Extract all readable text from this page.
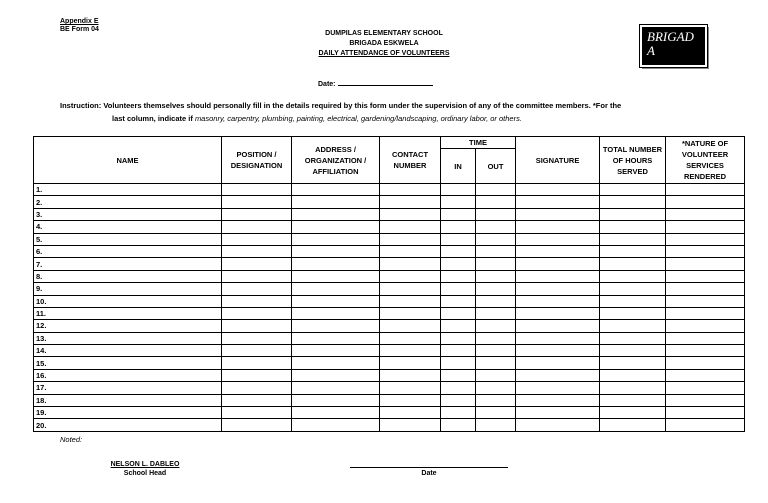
Appendix E
BE Form 04
DUMPILAS ELEMENTARY SCHOOL
BRIGADA ESKWELA
DAILY ATTENDANCE OF VOLUNTEERS
BRIGADA
Date:
Instruction: Volunteers themselves should personally fill in the details required by this form under the supervision of any of the committee members. *For the
last column, indicate if masonry, carpentry, plumbing, painting, electrical, gardening/landscaping, ordinary labor, or others.
NAME	POSITION / DESIGNATION	ADDRESS / ORGANIZATION / AFFILIATION	CONTACT NUMBER	TIME		SIGNATURE	TOTAL NUMBER OF HOURS SERVED	*NATURE OF VOLUNTEER SERVICES RENDERED
				IN	OUT			
1.								
2.								
3.								
4.								
5.								
6.								
7.								
8.								
9.								
10.								
11.								
12.								
13.								
14.								
15.								
16.								
17.								
18.								
19.								
20.								
Noted:
NELSON L. DABLEO
School Head	Date
